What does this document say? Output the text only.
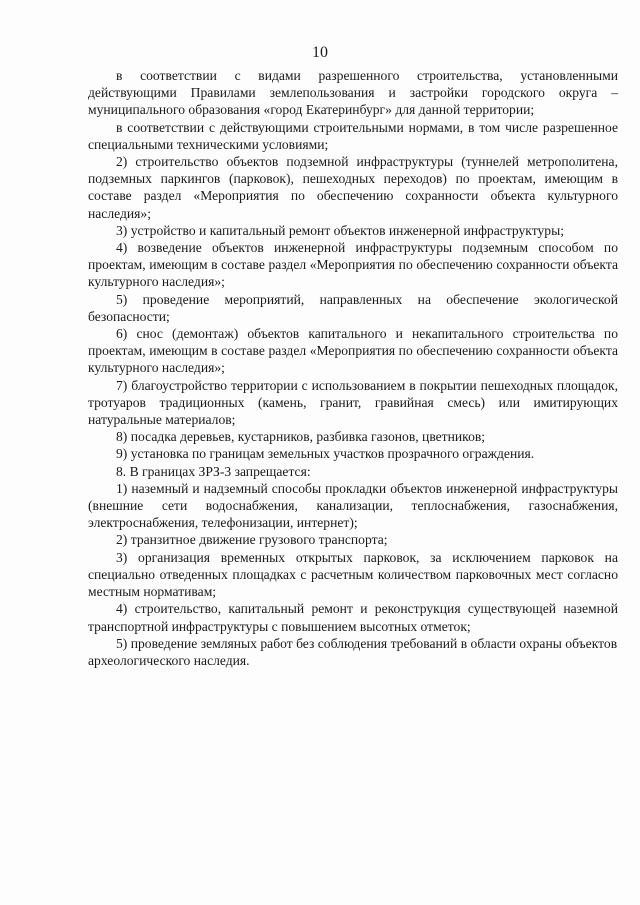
10

в соответствии с видами разрешенного строительства, установленными действующими Правилами землепользования и застройки городского округа – муниципального образования «город Екатеринбург» для данной территории;

в соответствии с действующими строительными нормами, в том числе разрешенное специальными техническими условиями;

2) строительство объектов подземной инфраструктуры (туннелей метрополитена, подземных паркингов (парковок), пешеходных переходов) по проектам, имеющим в составе раздел «Мероприятия по обеспечению сохранности объекта культурного наследия»;

3) устройство и капитальный ремонт объектов инженерной инфраструктуры;

4) возведение объектов инженерной инфраструктуры подземным способом по проектам, имеющим в составе раздел «Мероприятия по обеспечению сохранности объекта культурного наследия»;

5) проведение мероприятий, направленных на обеспечение экологической безопасности;

6) снос (демонтаж) объектов капитального и некапитального строительства по проектам, имеющим в составе раздел «Мероприятия по обеспечению сохранности объекта культурного наследия»;

7) благоустройство территории с использованием в покрытии пешеходных площадок, тротуаров традиционных (камень, гранит, гравийная смесь) или имитирующих натуральные материалов;

8) посадка деревьев, кустарников, разбивка газонов, цветников;

9) установка по границам земельных участков прозрачного ограждения.

8. В границах ЗРЗ-3 запрещается:

1) наземный и надземный способы прокладки объектов инженерной инфраструктуры (внешние сети водоснабжения, канализации, теплоснабжения, газоснабжения, электроснабжения, телефонизации, интернет);

2) транзитное движение грузового транспорта;

3) организация временных открытых парковок, за исключением парковок на специально отведенных площадках с расчетным количеством парковочных мест согласно местным нормативам;

4) строительство, капитальный ремонт и реконструкция существующей наземной транспортной инфраструктуры с повышением высотных отметок;

5) проведение земляных работ без соблюдения требований в области охраны объектов археологического наследия.
